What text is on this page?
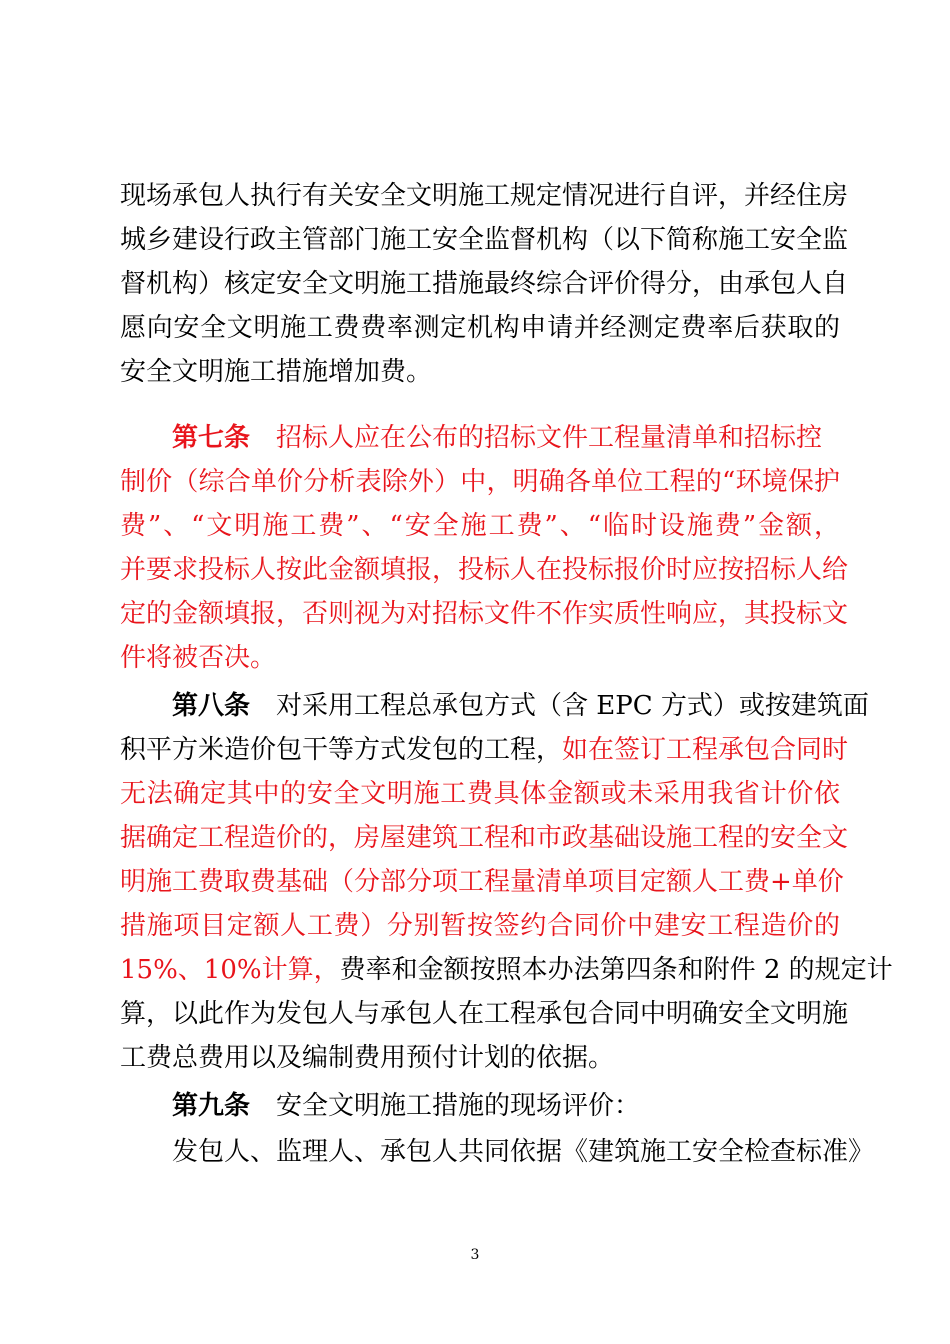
现场承包人执行有关安全文明施工规定情况进行自评，并经住房
城乡建设行政主管部门施工安全监督机构（以下简称施工安全监
督机构）核定安全文明施工措施最终综合评价得分，由承包人自
愿向安全文明施工费费率测定机构申请并经测定费率后获取的
安全文明施工措施增加费。
第七条 招标人应在公布的招标文件工程量清单和招标控
制价（综合单价分析表除外）中，明确各单位工程的“环境保护
费”、“文明施工费”、“安全施工费”、“临时设施费”金额，
并要求投标人按此金额填报，投标人在投标报价时应按招标人给
定的金额填报，否则视为对招标文件不作实质性响应，其投标文
件将被否决。
第八条 对采用工程总承包方式（含 EPC 方式）或按建筑面
积平方米造价包干等方式发包的工程，如在签订工程承包合同时
无法确定其中的安全文明施工费具体金额或未采用我省计价依
据确定工程造价的，房屋建筑工程和市政基础设施工程的安全文
明施工费取费基础（分部分项工程量清单项目定额人工费+单价
措施项目定额人工费）分别暂按签约合同价中建安工程造价的
15%、10%计算，费率和金额按照本办法第四条和附件 2 的规定计
算，以此作为发包人与承包人在工程承包合同中明确安全文明施
工费总费用以及编制费用预付计划的依据。
第九条 安全文明施工措施的现场评价：
发包人、监理人、承包人共同依据《建筑施工安全检查标准》
3
